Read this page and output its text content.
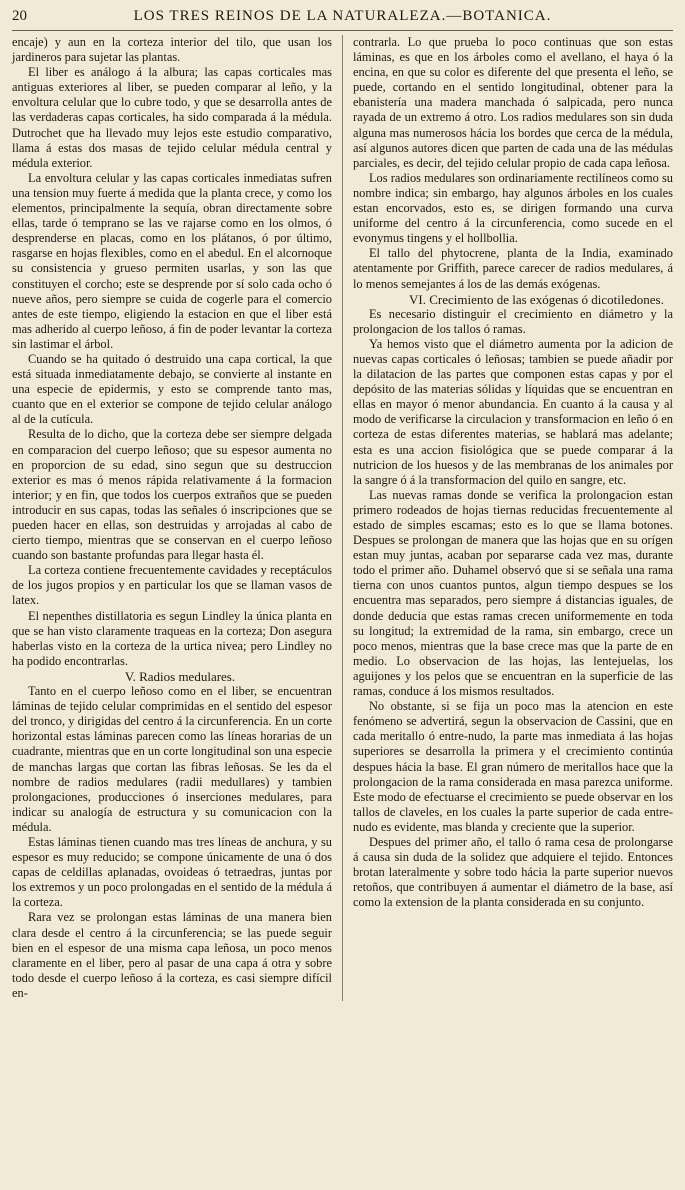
20	LOS TRES REINOS DE LA NATURALEZA.—BOTANICA.

encaje) y aun en la corteza interior del tilo, que usan los jardineros para sujetar las plantas.

El liber es análogo á la albura; las capas corticales mas antiguas exteriores al liber, se pueden comparar al leño, y la envoltura celular que lo cubre todo, y que se desarrolla antes de las verdaderas capas corticales, ha sido comparada á la médula. Dutrochet que ha llevado muy lejos este estudio comparativo, llama á estas dos masas de tejido celular médula central y médula exterior.

La envoltura celular y las capas corticales inmediatas sufren una tension muy fuerte á medida que la planta crece, y como los elementos, principalmente la sequía, obran directamente sobre ellas, tarde ó temprano se las ve rajarse como en los olmos, ó desprenderse en placas, como en los plátanos, ó por último, rasgarse en hojas flexibles, como en el abedul. En el alcornoque su consistencia y grueso permiten usarlas, y son las que constituyen el corcho; este se desprende por sí solo cada ocho ó nueve años, pero siempre se cuida de cogerle para el comercio antes de este tiempo, eligiendo la estacion en que el liber está mas adherido al cuerpo leñoso, á fin de poder levantar la corteza sin lastimar el árbol.

Cuando se ha quitado ó destruido una capa cortical, la que está situada inmediatamente debajo, se convierte al instante en una especie de epidermis, y esto se comprende tanto mas, cuanto que en el exterior se compone de tejido celular análogo al de la cutícula.

Resulta de lo dicho, que la corteza debe ser siempre delgada en comparacion del cuerpo leñoso; que su espesor aumenta no en proporcion de su edad, sino segun que su destruccion exterior es mas ó menos rápida relativamente á la formacion interior; y en fin, que todos los cuerpos extraños que se pueden introducir en sus capas, todas las señales ó inscripciones que se pueden hacer en ellas, son destruidas y arrojadas al cabo de cierto tiempo, mientras que se conservan en el cuerpo leñoso cuando son bastante profundas para llegar hasta él.

La corteza contiene frecuentemente cavidades y receptáculos de los jugos propios y en particular los que se llaman vasos de latex.

El nepenthes distillatoria es segun Lindley la única planta en que se han visto claramente traqueas en la corteza; Don asegura haberlas visto en la corteza de la urtica nivea; pero Lindley no ha podido encontrarlas.

V. Radios medulares.

Tanto en el cuerpo leñoso como en el liber, se encuentran láminas de tejido celular comprimidas en el sentido del espesor del tronco, y dirigidas del centro á la circunferencia. En un corte horizontal estas láminas parecen como las líneas horarias de un cuadrante, mientras que en un corte longitudinal son una especie de manchas largas que cortan las fibras leñosas. Se les da el nombre de radios medulares (radii medullares) y tambien prolongaciones, producciones ó inserciones medulares, para indicar su analogía de estructura y su comunicacion con la médula.

Estas láminas tienen cuando mas tres líneas de anchura, y su espesor es muy reducido; se compone únicamente de una ó dos capas de celdillas aplanadas, ovoideas ó tetraedras, juntas por los extremos y un poco prolongadas en el sentido de la médula á la corteza.

Rara vez se prolongan estas láminas de una manera bien clara desde el centro á la circunferencia; se las puede seguir bien en el espesor de una misma capa leñosa, un poco menos claramente en el liber, pero al pasar de una capa á otra y sobre todo desde el cuerpo leñoso á la corteza, es casi siempre difícil en-

contrarla. Lo que prueba lo poco continuas que son estas láminas, es que en los árboles como el avellano, el haya ó la encina, en que su color es diferente del que presenta el leño, se puede, cortando en el sentido longitudinal, obtener para la ebanistería una madera manchada ó salpicada, pero nunca rayada de un extremo á otro. Los radios medulares son sin duda alguna mas numerosos hácia los bordes que cerca de la médula, así algunos autores dicen que parten de cada una de las médulas parciales, es decir, del tejido celular propio de cada capa leñosa.

Los radios medulares son ordinariamente rectilíneos como su nombre indica; sin embargo, hay algunos árboles en los cuales estan encorvados, esto es, se dirigen formando una curva uniforme del centro á la circunferencia, como sucede en el evonymus tingens y el hollbollia.

El tallo del phytocrene, planta de la India, examinado atentamente por Griffith, parece carecer de radios medulares, á lo menos semejantes á los de las demás exógenas.

VI. Crecimiento de las exógenas ó dicotiledones.

Es necesario distinguir el crecimiento en diámetro y la prolongacion de los tallos ó ramas.

Ya hemos visto que el diámetro aumenta por la adicion de nuevas capas corticales ó leñosas; tambien se puede añadir por la dilatacion de las partes que componen estas capas y por el depósito de las materias sólidas y líquidas que se encuentran en ellas en mayor ó menor abundancia. En cuanto á la causa y al modo de verificarse la circulacion y transformacion en leño ó en corteza de estas diferentes materias, se hablará mas adelante; esta es una accion fisiológica que se puede comparar á la nutricion de los huesos y de las membranas de los animales por la sangre ó á la transformacion del quilo en sangre, etc.

Las nuevas ramas donde se verifica la prolongacion estan primero rodeados de hojas tiernas reducidas frecuentemente al estado de simples escamas; esto es lo que se llama botones. Despues se prolongan de manera que las hojas que en su orígen estan muy juntas, acaban por separarse cada vez mas, durante todo el primer año. Duhamel observó que si se señala una rama tierna con unos cuantos puntos, algun tiempo despues se los encuentra mas separados, pero siempre á distancias iguales, de donde deducia que estas ramas crecen uniformemente en toda su longitud; la extremidad de la rama, sin embargo, crece un poco menos, mientras que la base crece mas que la parte de en medio. Lo observacion de las hojas, las lentejuelas, los aguijones y los pelos que se encuentran en la superficie de las ramas, conduce á los mismos resultados.

No obstante, si se fija un poco mas la atencion en este fenómeno se advertirá, segun la observacion de Cassini, que en cada meritallo ó entre-nudo, la parte mas inmediata á las hojas superiores se desarrolla la primera y el crecimiento continúa despues hácia la base. El gran número de meritallos hace que la prolongacion de la rama considerada en masa parezca uniforme. Este modo de efectuarse el crecimiento se puede observar en los tallos de claveles, en los cuales la parte superior de cada entre-nudo es evidente, mas blanda y creciente que la superior.

Despues del primer año, el tallo ó rama cesa de prolongarse á causa sin duda de la solidez que adquiere el tejido. Entonces brotan lateralmente y sobre todo hácia la parte superior nuevos retoños, que contribuyen á aumentar el diámetro de la base, así como la extension de la planta considerada en su conjunto.
